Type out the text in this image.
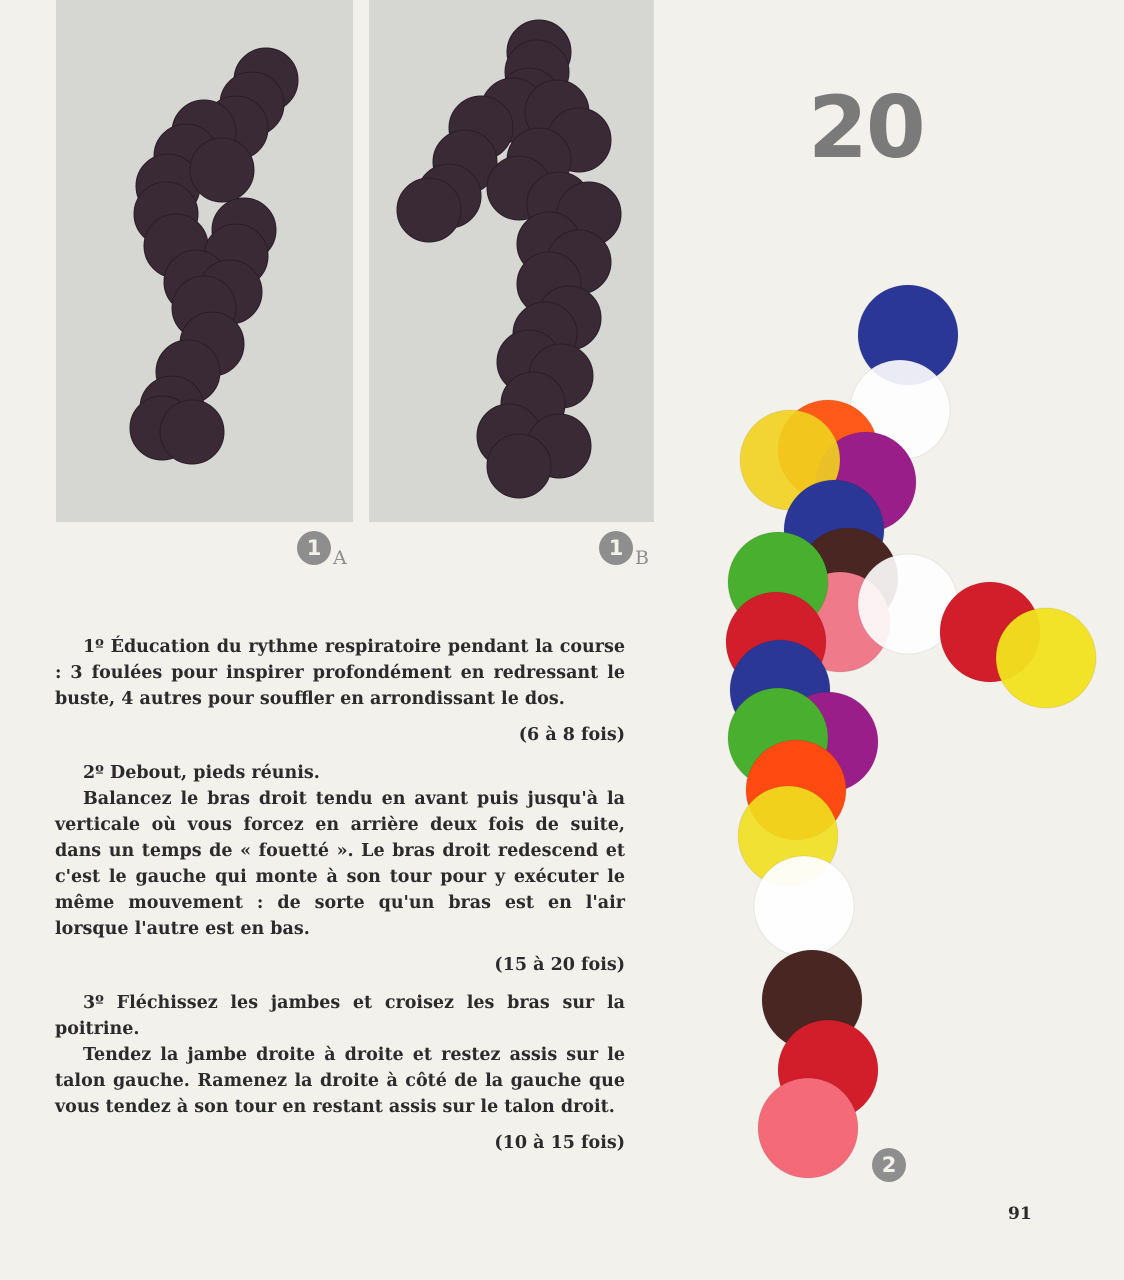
1 A	1 B
20
2

1º Éducation du rythme respiratoire pendant la course : 3 foulées pour inspirer profondément en redressant le buste, 4 autres pour souffler en arrondissant le dos.

(6 à 8 fois)

2º Debout, pieds réunis.

Balancez le bras droit tendu en avant puis jusqu'à la verticale où vous forcez en arrière deux fois de suite, dans un temps de « fouetté ». Le bras droit redescend et c'est le gauche qui monte à son tour pour y exécuter le même mouvement : de sorte qu'un bras est en l'air lorsque l'autre est en bas.

(15 à 20 fois)

3º Fléchissez les jambes et croisez les bras sur la poitrine.

Tendez la jambe droite à droite et restez assis sur le talon gauche. Ramenez la droite à côté de la gauche que vous tendez à son tour en restant assis sur le talon droit.

(10 à 15 fois)
91
